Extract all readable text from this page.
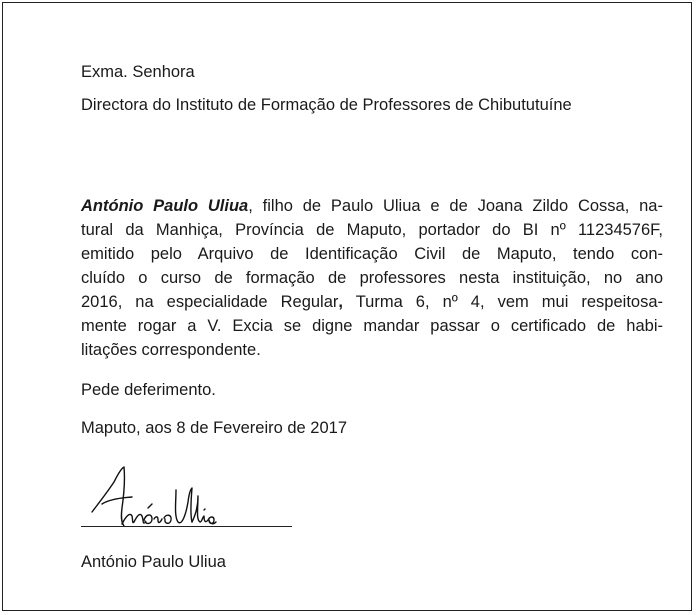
Exma. Senhora
Directora do Instituto de Formação de Professores de Chibututuíne
António Paulo Uliua, filho de Paulo Uliua e de Joana Zildo Cossa, na-
tural da Manhiça, Província de Maputo, portador do BI nº 11234576F,
emitido pelo Arquivo de Identificação Civil de Maputo, tendo con-
cluído o curso de formação de professores nesta instituição, no ano
2016, na especialidade Regular, Turma 6, nº 4, vem mui respeitosa-
mente rogar a V. Excia se digne mandar passar o certificado de habi-
litações correspondente.
Pede deferimento.
Maputo, aos 8 de Fevereiro de 2017
António Paulo Uliua
